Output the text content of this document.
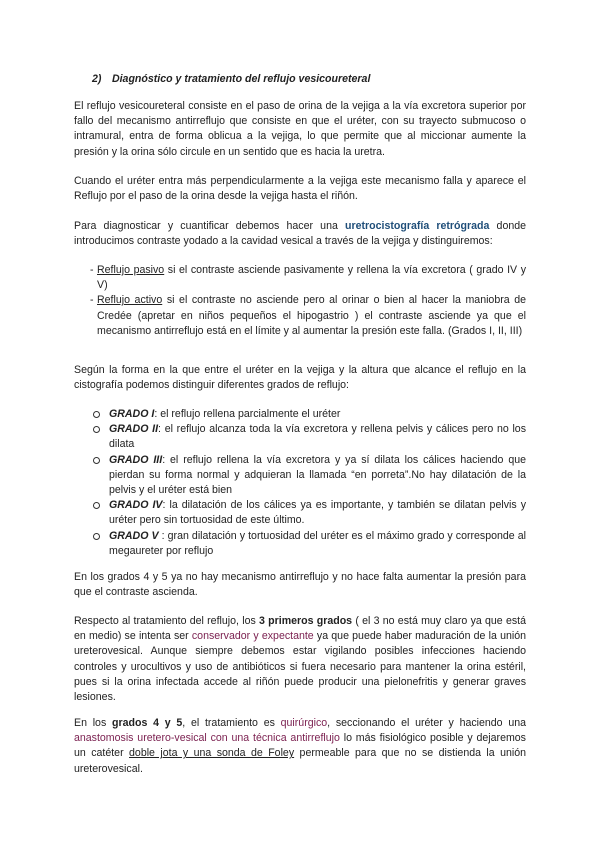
2) Diagnóstico y tratamiento del reflujo vesicoureteral

El reflujo vesicoureteral consiste en el paso de orina de la vejiga a la vía excretora superior por fallo del mecanismo antirreflujo que consiste en que el uréter, con su trayecto submucoso o intramural, entra de forma oblicua a la vejiga, lo que permite que al miccionar aumente la presión y la orina sólo circule en un sentido que es hacia la uretra.

Cuando el uréter entra más perpendicularmente a la vejiga este mecanismo falla y aparece el Reflujo por el paso de la orina desde la vejiga hasta el riñón.

Para diagnosticar y cuantificar debemos hacer una uretrocistografía retrógrada donde introducimos contraste yodado a la cavidad vesical a través de la vejiga y distinguiremos:

- Reflujo pasivo si el contraste asciende pasivamente y rellena la vía excretora ( grado IV y V)
- Reflujo activo si el contraste no asciende pero al orinar o bien al hacer la maniobra de Credée (apretar en niños pequeños el hipogastrio ) el contraste asciende ya que el mecanismo antirreflujo está en el límite y al aumentar la presión este falla. (Grados I, II, III)

Según la forma en la que entre el uréter en la vejiga y la altura que alcance el reflujo en la cistografía podemos distinguir diferentes grados de reflujo:

GRADO I: el reflujo rellena parcialmente el uréter
GRADO II: el reflujo alcanza toda la vía excretora y rellena pelvis y cálices pero no los dilata
GRADO III: el reflujo rellena la vía excretora y ya sí dilata los cálices haciendo que pierdan su forma normal y adquieran la llamada “en porreta”.No hay dilatación de la pelvis y el uréter está bien
GRADO IV: la dilatación de los cálices ya es importante, y también se dilatan pelvis y uréter pero sin tortuosidad de este último.
GRADO V : gran dilatación y tortuosidad del uréter es el máximo grado y corresponde al megaureter por reflujo

En los grados 4 y 5 ya no hay mecanismo antirreflujo y no hace falta aumentar la presión para que el contraste ascienda.

Respecto al tratamiento del reflujo, los 3 primeros grados ( el 3 no está muy claro ya que está en medio) se intenta ser conservador y expectante ya que puede haber maduración de la unión ureterovesical. Aunque siempre debemos estar vigilando posibles infecciones haciendo controles y urocultivos y uso de antibióticos si fuera necesario para mantener la orina estéril, pues si la orina infectada accede al riñón puede producir una pielonefritis y generar graves lesiones.

En los grados 4 y 5, el tratamiento es quirúrgico, seccionando el uréter y haciendo una anastomosis uretero-vesical con una técnica antirreflujo lo más fisiológico posible y dejaremos un catéter doble jota y una sonda de Foley permeable para que no se distienda la unión ureterovesical.
